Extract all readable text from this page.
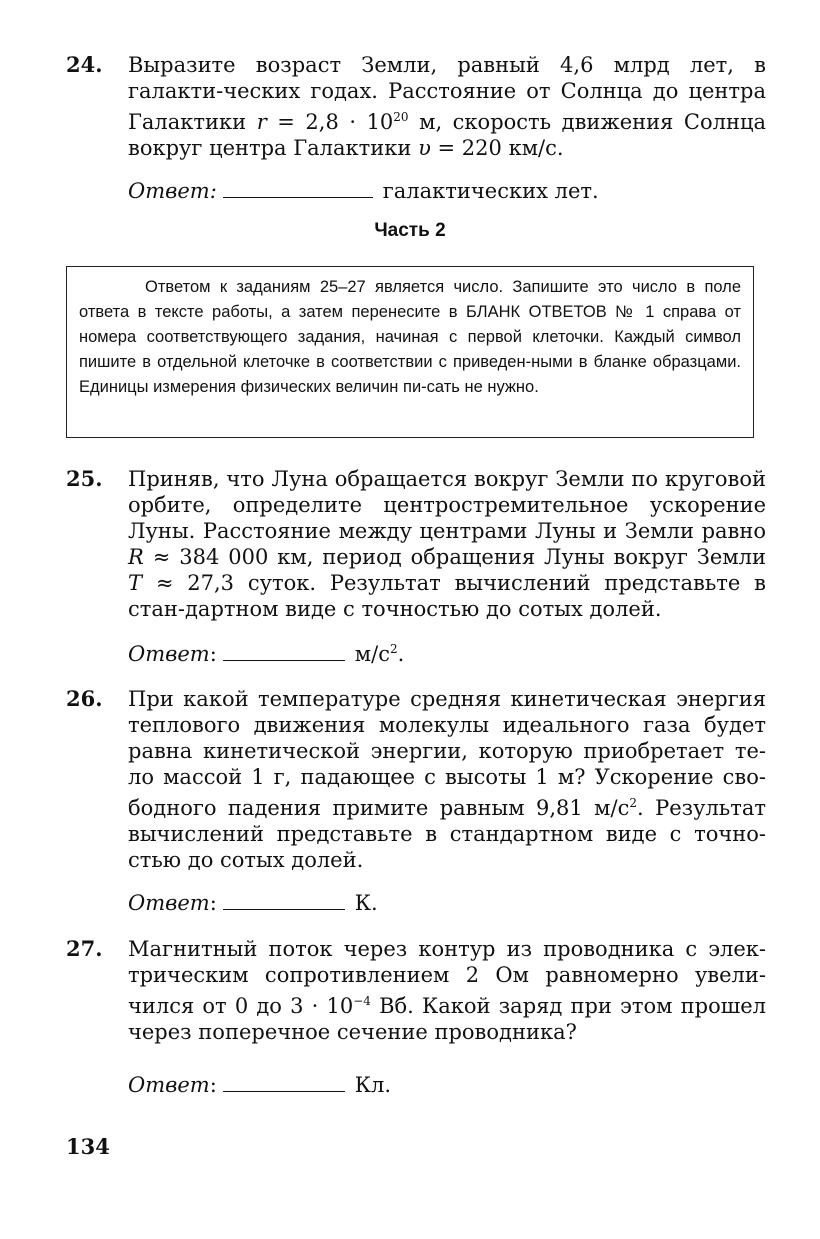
24. Выразите возраст Земли, равный 4,6 млрд лет, в галакти-ческих годах. Расстояние от Солнца до центра Галактики $r = 2,8 \cdot 10^{20}$ м, скорость движения Солнца вокруг центра Галактики υ = 220 км/с.
Ответ:	галактических лет.
Часть 2
Ответом к заданиям 25–27 является число. Запишите это число в поле ответа в тексте работы, а затем перенесите в БЛАНК ОТВЕТОВ № 1 справа от номера соответствующего задания, начиная с первой клеточки. Каждый символ пишите в отдельной клеточке в соответствии с приведен-ными в бланке образцами. Единицы измерения физических величин пи-сать не нужно.
25. Приняв, что Луна обращается вокруг Земли по круговой орбите, определите центростремительное ускорение Луны. Расстояние между центрами Луны и Земли равно R ≈ 384 000 км, период обращения Луны вокруг Земли T ≈ 27,3 суток. Результат вычислений представьте в стан-дартном виде с точностью до сотых долей.
Ответ:	$м/с^2$.
26. При какой температуре средняя кинетическая энергия теплового движения молекулы идеального газа будет равна кинетической энергии, которую приобретает те-ло массой 1 г, падающее с высоты 1 м? Ускорение сво-бодного падения примите равным 9,81 $м/с^2$. Результат вычислений представьте в стандартном виде с точно-стью до сотых долей.
Ответ:	К.
27. Магнитный поток через контур из проводника с элек-трическим сопротивлением 2 Ом равномерно увели-чился от 0 до $3 \cdot 10^{-4}$ Вб. Какой заряд при этом прошел через поперечное сечение проводника?
Ответ:	Кл.
134
